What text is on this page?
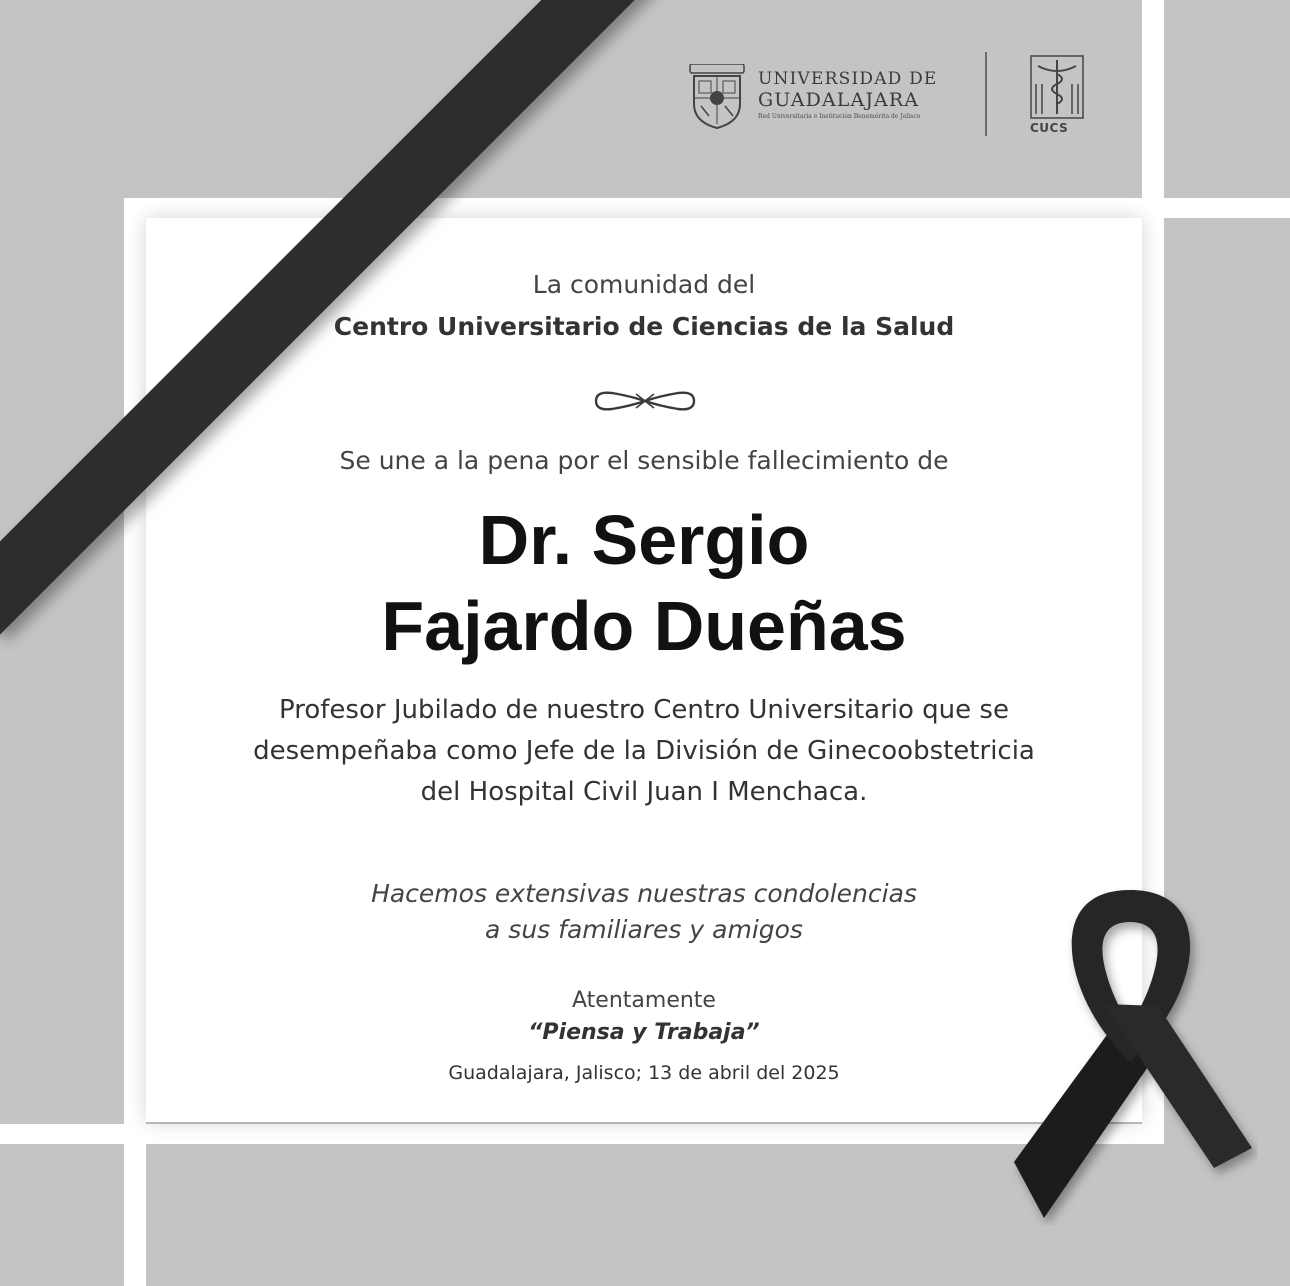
UNIVERSIDAD DE
GUADALAJARA
Red Universitaria e Institución Benemérita de Jalisco
CUCS
La comunidad del
Centro Universitario de Ciencias de la Salud
Se une a la pena por el sensible fallecimiento de
Dr. Sergio
Fajardo Dueñas
Profesor Jubilado de nuestro Centro Universitario que se
desempeñaba como Jefe de la División de Ginecoobstetricia
del Hospital Civil Juan I Menchaca.
Hacemos extensivas nuestras condolencias
a sus familiares y amigos
Atentamente
“Piensa y Trabaja”
Guadalajara, Jalisco; 13 de abril del 2025
